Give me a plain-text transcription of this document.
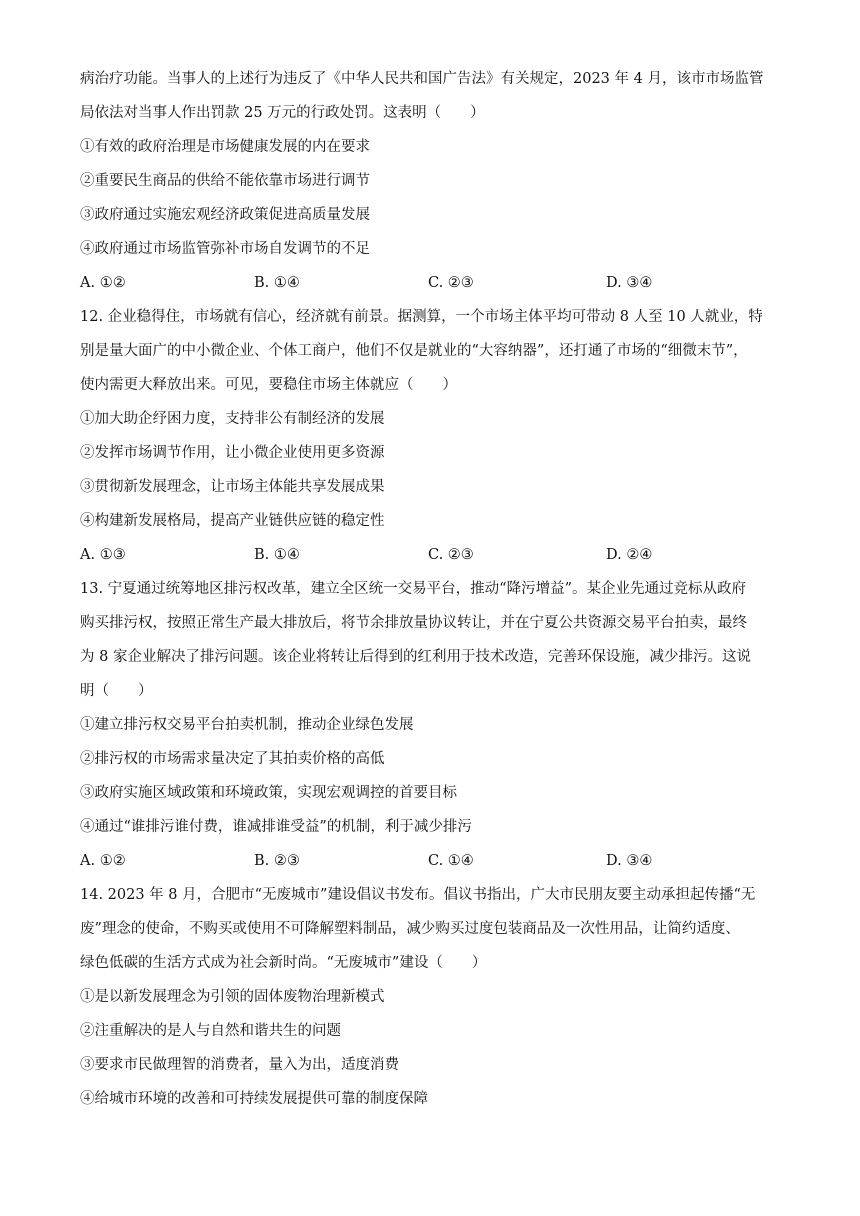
病治疗功能。当事人的上述行为违反了《中华人民共和国广告法》有关规定，2023 年 4 月，该市市场监管
局依法对当事人作出罚款 25 万元的行政处罚。这表明（　　）
①有效的政府治理是市场健康发展的内在要求
②重要民生商品的供给不能依靠市场进行调节
③政府通过实施宏观经济政策促进高质量发展
④政府通过市场监管弥补市场自发调节的不足
A. ①②	B. ①④	C. ②③	D. ③④
12. 企业稳得住，市场就有信心，经济就有前景。据测算，一个市场主体平均可带动 8 人至 10 人就业，特
别是量大面广的中小微企业、个体工商户，他们不仅是就业的“大容纳器”，还打通了市场的“细微末节”，
使内需更大释放出来。可见，要稳住市场主体就应（　　）
①加大助企纾困力度，支持非公有制经济的发展
②发挥市场调节作用，让小微企业使用更多资源
③贯彻新发展理念，让市场主体能共享发展成果
④构建新发展格局，提高产业链供应链的稳定性
A. ①③	B. ①④	C. ②③	D. ②④
13. 宁夏通过统筹地区排污权改革，建立全区统一交易平台，推动“降污增益”。某企业先通过竞标从政府
购买排污权，按照正常生产最大排放后，将节余排放量协议转让，并在宁夏公共资源交易平台拍卖，最终
为 8 家企业解决了排污问题。该企业将转让后得到的红利用于技术改造，完善环保设施，减少排污。这说
明（　　）
①建立排污权交易平台拍卖机制，推动企业绿色发展
②排污权的市场需求量决定了其拍卖价格的高低
③政府实施区域政策和环境政策，实现宏观调控的首要目标
④通过“谁排污谁付费，谁减排谁受益”的机制，利于减少排污
A. ①②	B. ②③	C. ①④	D. ③④
14. 2023 年 8 月，合肥市“无废城市”建设倡议书发布。倡议书指出，广大市民朋友要主动承担起传播“无
废”理念的使命，不购买或使用不可降解塑料制品，减少购买过度包装商品及一次性用品，让简约适度、
绿色低碳的生活方式成为社会新时尚。“无废城市”建设（　　）
①是以新发展理念为引领的固体废物治理新模式
②注重解决的是人与自然和谐共生的问题
③要求市民做理智的消费者，量入为出，适度消费
④给城市环境的改善和可持续发展提供可靠的制度保障
